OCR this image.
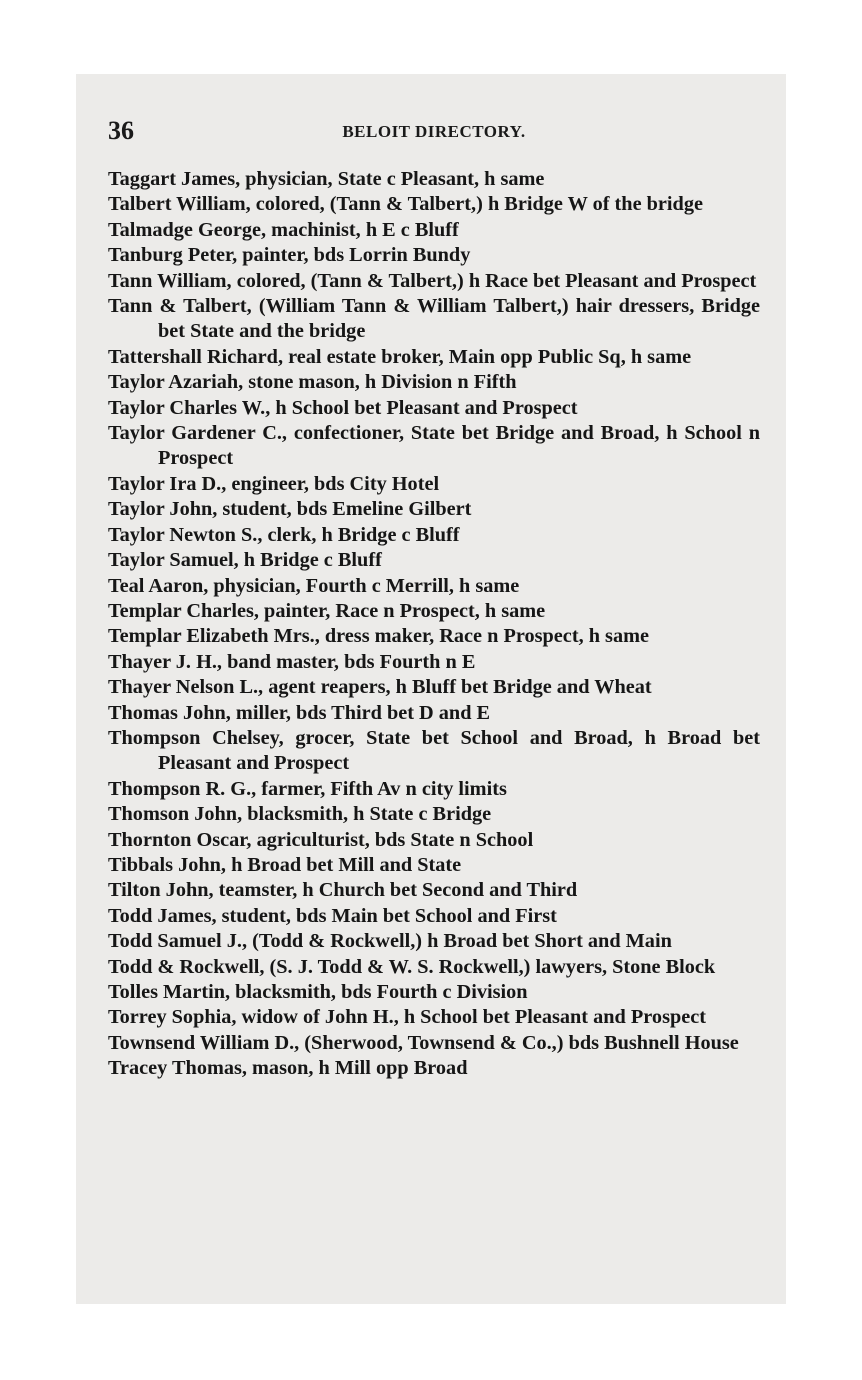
36	BELOIT DIRECTORY.
Taggart James, physician, State c Pleasant, h same
Talbert William, colored, (Tann & Talbert,) h Bridge W of the bridge
Talmadge George, machinist, h E c Bluff
Tanburg Peter, painter, bds Lorrin Bundy
Tann William, colored, (Tann & Talbert,) h Race bet Pleasant and Prospect
Tann & Talbert, (William Tann & William Talbert,) hair dressers, Bridge bet State and the bridge
Tattershall Richard, real estate broker, Main opp Public Sq, h same
Taylor Azariah, stone mason, h Division n Fifth
Taylor Charles W., h School bet Pleasant and Prospect
Taylor Gardener C., confectioner, State bet Bridge and Broad, h School n Prospect
Taylor Ira D., engineer, bds City Hotel
Taylor John, student, bds Emeline Gilbert
Taylor Newton S., clerk, h Bridge c Bluff
Taylor Samuel, h Bridge c Bluff
Teal Aaron, physician, Fourth c Merrill, h same
Templar Charles, painter, Race n Prospect, h same
Templar Elizabeth Mrs., dress maker, Race n Prospect, h same
Thayer J. H., band master, bds Fourth n E
Thayer Nelson L., agent reapers, h Bluff bet Bridge and Wheat
Thomas John, miller, bds Third bet D and E
Thompson Chelsey, grocer, State bet School and Broad, h Broad bet Pleasant and Prospect
Thompson R. G., farmer, Fifth Av n city limits
Thomson John, blacksmith, h State c Bridge
Thornton Oscar, agriculturist, bds State n School
Tibbals John, h Broad bet Mill and State
Tilton John, teamster, h Church bet Second and Third
Todd James, student, bds Main bet School and First
Todd Samuel J., (Todd & Rockwell,) h Broad bet Short and Main
Todd & Rockwell, (S. J. Todd & W. S. Rockwell,) lawyers, Stone Block
Tolles Martin, blacksmith, bds Fourth c Division
Torrey Sophia, widow of John H., h School bet Pleasant and Prospect
Townsend William D., (Sherwood, Townsend & Co.,) bds Bushnell House
Tracey Thomas, mason, h Mill opp Broad
